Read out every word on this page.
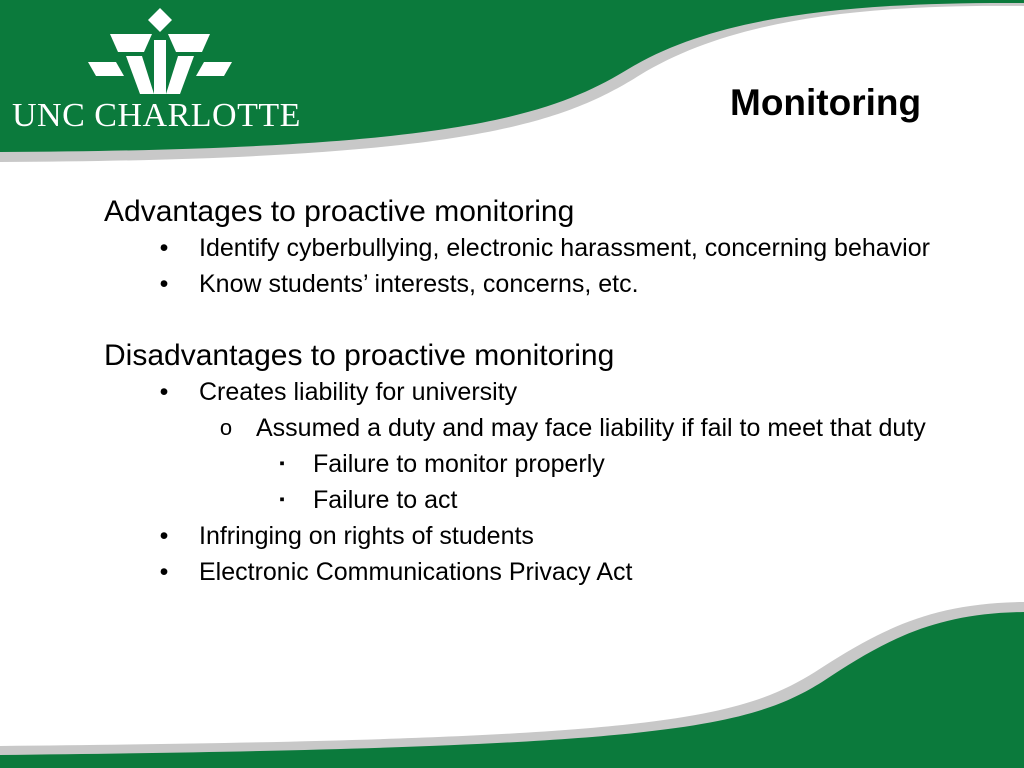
UNC CHARLOTTE	Monitoring
Advantages to proactive monitoring
• Identify cyberbullying, electronic harassment, concerning behavior
• Know students’ interests, concerns, etc.
Disadvantages to proactive monitoring
• Creates liability for university
o Assumed a duty and may face liability if fail to meet that duty
▪ Failure to monitor properly
▪ Failure to act
• Infringing on rights of students
• Electronic Communications Privacy Act
